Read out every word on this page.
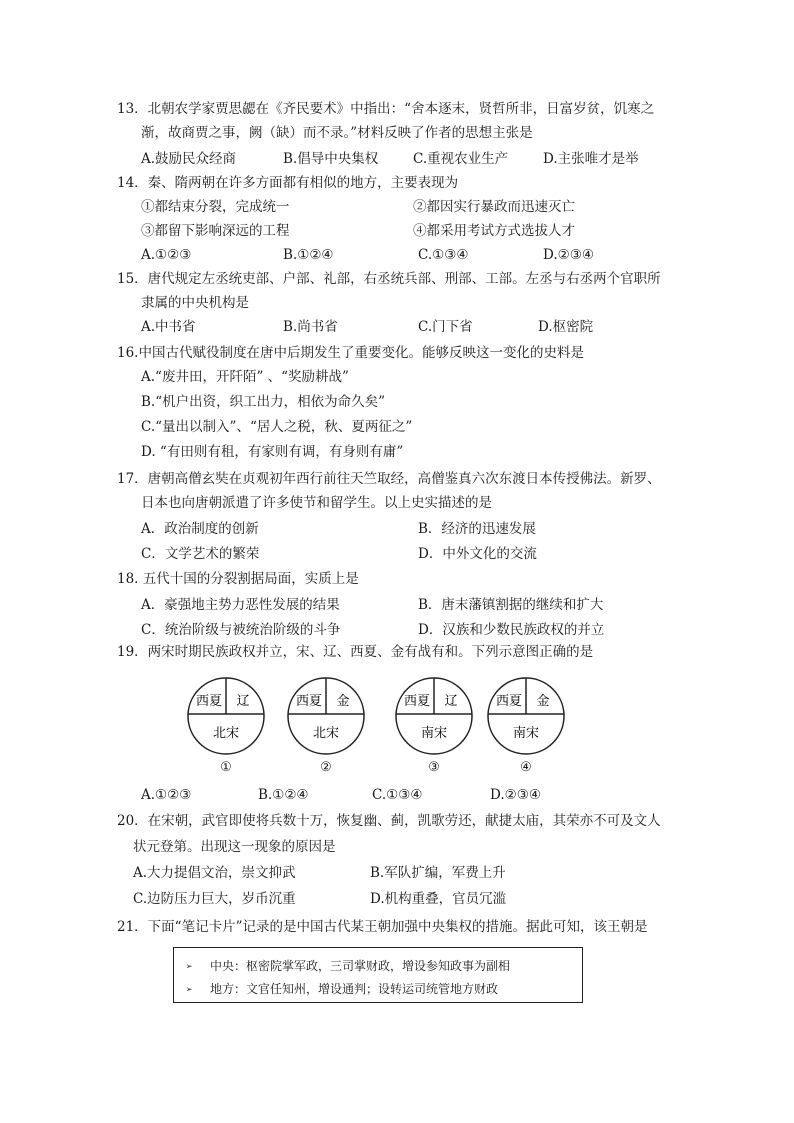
13．北朝农学家贾思勰在《齐民要术》中指出：“舍本逐末，贤哲所非，日富岁贫，饥寒之
渐，故商贾之事，阙（缺）而不录。”材料反映了作者的思想主张是
A.鼓励民众经商	B.倡导中央集权	C.重视农业生产	D.主张唯才是举
14．秦、隋两朝在许多方面都有相似的地方，主要表现为
①都结束分裂，完成统一	②都因实行暴政而迅速灭亡
③都留下影响深远的工程	④都采用考试方式选拔人才
A.①②③	B.①②④	C.①③④	D.②③④
15．唐代规定左丞统吏部、户部、礼部，右丞统兵部、刑部、工部。左丞与右丞两个官职所
隶属的中央机构是
A.中书省	B.尚书省	C.门下省	D.枢密院
16.中国古代赋役制度在唐中后期发生了重要变化。能够反映这一变化的史料是
A.“废井田，开阡陌” 、“奖励耕战”
B.“机户出资，织工出力，相依为命久矣”
C.“量出以制入”、“居人之税，秋、夏两征之”
D. “有田则有租，有家则有调，有身则有庸”
17．唐朝高僧玄奘在贞观初年西行前往天竺取经，高僧鉴真六次东渡日本传授佛法。新罗、
日本也向唐朝派遣了许多使节和留学生。以上史实描述的是
A．政治制度的创新	B．经济的迅速发展
C．文学艺术的繁荣	D．中外文化的交流
18. 五代十国的分裂割据局面，实质上是
A．豪强地主势力恶性发展的结果	B．唐末藩镇割据的继续和扩大
C．统治阶级与被统治阶级的斗争	D．汉族和少数民族政权的并立
19．两宋时期民族政权并立，宋、辽、西夏、金有战有和。下列示意图正确的是
西夏 辽
北宋
①
西夏 金
北宋
②
西夏 辽
南宋
③
西夏 金
南宋
④
A.①②③	B.①②④	C.①③④	D.②③④
20．在宋朝，武官即使将兵数十万，恢复幽、蓟，凯歌劳还，献捷太庙，其荣亦不可及文人
状元登第。出现这一现象的原因是
A.大力提倡文治，崇文抑武	B.军队扩编，军费上升
C.边防压力巨大，岁币沉重	D.机构重叠，官员冗滥
21．下面“笔记卡片”记录的是中国古代某王朝加强中央集权的措施。据此可知，该王朝是
➢ 中央：枢密院掌军政，三司掌财政，增设参知政事为副相
➢ 地方：文官任知州，增设通判；设转运司统管地方财政
